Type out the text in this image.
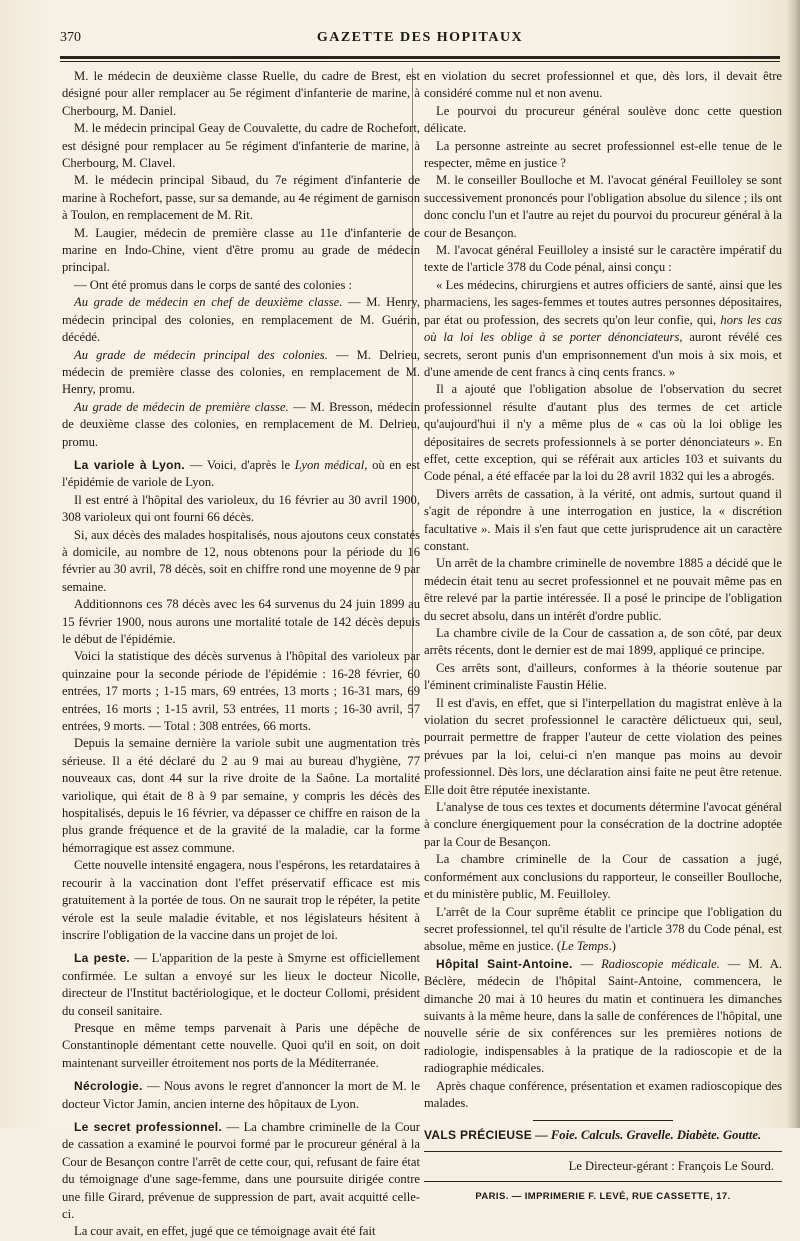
370	GAZETTE DES HOPITAUX

M. le médecin de deuxième classe Ruelle, du cadre de Brest, est désigné pour aller remplacer au 5e régiment d'infanterie de marine, à Cherbourg, M. Daniel.

M. le médecin principal Geay de Couvalette, du cadre de Rochefort, est désigné pour remplacer au 5e régiment d'infanterie de marine, à Cherbourg, M. Clavel.

M. le médecin principal Sibaud, du 7e régiment d'infanterie de marine à Rochefort, passe, sur sa demande, au 4e régiment de garnison à Toulon, en remplacement de M. Rit.

M. Laugier, médecin de première classe au 11e d'infanterie de marine en Indo-Chine, vient d'être promu au grade de médecin principal.

— Ont été promus dans le corps de santé des colonies :

Au grade de médecin en chef de deuxième classe. — M. Henry, médecin principal des colonies, en remplacement de M. Guérin, décédé.

Au grade de médecin principal des colonies. — M. Delrieu, médecin de première classe des colonies, en remplacement de M. Henry, promu.

Au grade de médecin de première classe. — M. Bresson, médecin de deuxième classe des colonies, en remplacement de M. Delrieu, promu.

La variole à Lyon. — Voici, d'après le Lyon médical, où en est l'épidémie de variole de Lyon.

Il est entré à l'hôpital des varioleux, du 16 février au 30 avril 1900, 308 varioleux qui ont fourni 66 décès.

Si, aux décès des malades hospitalisés, nous ajoutons ceux constatés à domicile, au nombre de 12, nous obtenons pour la période du 16 février au 30 avril, 78 décès, soit en chiffre rond une moyenne de 9 par semaine.

Additionnons ces 78 décès avec les 64 survenus du 24 juin 1899 au 15 février 1900, nous aurons une mortalité totale de 142 décès depuis le début de l'épidémie.

Voici la statistique des décès survenus à l'hôpital des varioleux par quinzaine pour la seconde période de l'épidémie : 16-28 février, 60 entrées, 17 morts ; 1-15 mars, 69 entrées, 13 morts ; 16-31 mars, 69 entrées, 16 morts ; 1-15 avril, 53 entrées, 11 morts ; 16-30 avril, 57 entrées, 9 morts. — Total : 308 entrées, 66 morts.

Depuis la semaine dernière la variole subit une augmentation très sérieuse. Il a été déclaré du 2 au 9 mai au bureau d'hygiène, 77 nouveaux cas, dont 44 sur la rive droite de la Saône. La mortalité variolique, qui était de 8 à 9 par semaine, y compris les décès des hospitalisés, depuis le 16 février, va dépasser ce chiffre en raison de la plus grande fréquence et de la gravité de la maladie, car la forme hémorragique est assez commune.

Cette nouvelle intensité engagera, nous l'espérons, les retardataires à recourir à la vaccination dont l'effet préservatif efficace est mis gratuitement à la portée de tous. On ne saurait trop le répéter, la petite vérole est la seule maladie évitable, et nos législateurs hésitent à inscrire l'obligation de la vaccine dans un projet de loi.

La peste. — L'apparition de la peste à Smyrne est officiellement confirmée. Le sultan a envoyé sur les lieux le docteur Nicolle, directeur de l'Institut bactériologique, et le docteur Collomi, président du conseil sanitaire.

Presque en même temps parvenait à Paris une dépêche de Constantinople démentant cette nouvelle. Quoi qu'il en soit, on doit maintenant surveiller étroitement nos ports de la Méditerranée.

Nécrologie. — Nous avons le regret d'annoncer la mort de M. le docteur Victor Jamin, ancien interne des hôpitaux de Lyon.

Le secret professionnel. — La chambre criminelle de la Cour de cassation a examiné le pourvoi formé par le procureur général à la Cour de Besançon contre l'arrêt de cette cour, qui, refusant de faire état du témoignage d'une sage-femme, dans une poursuite dirigée contre une fille Girard, prévenue de suppression de part, avait acquitté celle-ci.

La cour avait, en effet, jugé que ce témoignage avait été fait

en violation du secret professionnel et que, dès lors, il devait être considéré comme nul et non avenu.

Le pourvoi du procureur général soulève donc cette question délicate.

La personne astreinte au secret professionnel est-elle tenue de le respecter, même en justice ?

M. le conseiller Boulloche et M. l'avocat général Feuilloley se sont successivement prononcés pour l'obligation absolue du silence ; ils ont donc conclu l'un et l'autre au rejet du pourvoi du procureur général à la cour de Besançon.

M. l'avocat général Feuilloley a insisté sur le caractère impératif du texte de l'article 378 du Code pénal, ainsi conçu :

« Les médecins, chirurgiens et autres officiers de santé, ainsi que les pharmaciens, les sages-femmes et toutes autres personnes dépositaires, par état ou profession, des secrets qu'on leur confie, qui, hors les cas où la loi les oblige à se porter dénonciateurs, auront révélé ces secrets, seront punis d'un emprisonnement d'un mois à six mois, et d'une amende de cent francs à cinq cents francs. »

Il a ajouté que l'obligation absolue de l'observation du secret professionnel résulte d'autant plus des termes de cet article qu'aujourd'hui il n'y a même plus de « cas où la loi oblige les dépositaires de secrets professionnels à se porter dénonciateurs ». En effet, cette exception, qui se référait aux articles 103 et suivants du Code pénal, a été effacée par la loi du 28 avril 1832 qui les a abrogés.

Divers arrêts de cassation, à la vérité, ont admis, surtout quand il s'agit de répondre à une interrogation en justice, la « discrétion facultative ». Mais il s'en faut que cette jurisprudence ait un caractère constant.

Un arrêt de la chambre criminelle de novembre 1885 a décidé que le médecin était tenu au secret professionnel et ne pouvait même pas en être relevé par la partie intéressée. Il a posé le principe de l'obligation du secret absolu, dans un intérêt d'ordre public.

La chambre civile de la Cour de cassation a, de son côté, par deux arrêts récents, dont le dernier est de mai 1899, appliqué ce principe.

Ces arrêts sont, d'ailleurs, conformes à la théorie soutenue par l'éminent criminaliste Faustin Hélie.

Il est d'avis, en effet, que si l'interpellation du magistrat enlève à la violation du secret professionnel le caractère délictueux qui, seul, pourrait permettre de frapper l'auteur de cette violation des peines prévues par la loi, celui-ci n'en manque pas moins au devoir professionnel. Dès lors, une déclaration ainsi faite ne peut être retenue. Elle doit être réputée inexistante.

L'analyse de tous ces textes et documents détermine l'avocat général à conclure énergiquement pour la consécration de la doctrine adoptée par la Cour de Besançon.

La chambre criminelle de la Cour de cassation a jugé, conformément aux conclusions du rapporteur, le conseiller Boulloche, et du ministère public, M. Feuilloley.

L'arrêt de la Cour suprême établit ce principe que l'obligation du secret professionnel, tel qu'il résulte de l'article 378 du Code pénal, est absolue, même en justice. (Le Temps.)

Hôpital Saint-Antoine. — Radioscopie médicale. — M. A. Béclère, médecin de l'hôpital Saint-Antoine, commencera, le dimanche 20 mai à 10 heures du matin et continuera les dimanches suivants à la même heure, dans la salle de conférences de l'hôpital, une nouvelle série de six conférences sur les premières notions de radiologie, indispensables à la pratique de la radioscopie et de la radiographie médicales.

Après chaque conférence, présentation et examen radioscopique des malades.

VALS PRÉCIEUSE — Foie. Calculs. Gravelle. Diabète. Goutte.

Le Directeur-gérant : François Le Sourd.

PARIS. — IMPRIMERIE F. LEVÉ, RUE CASSETTE, 17.
